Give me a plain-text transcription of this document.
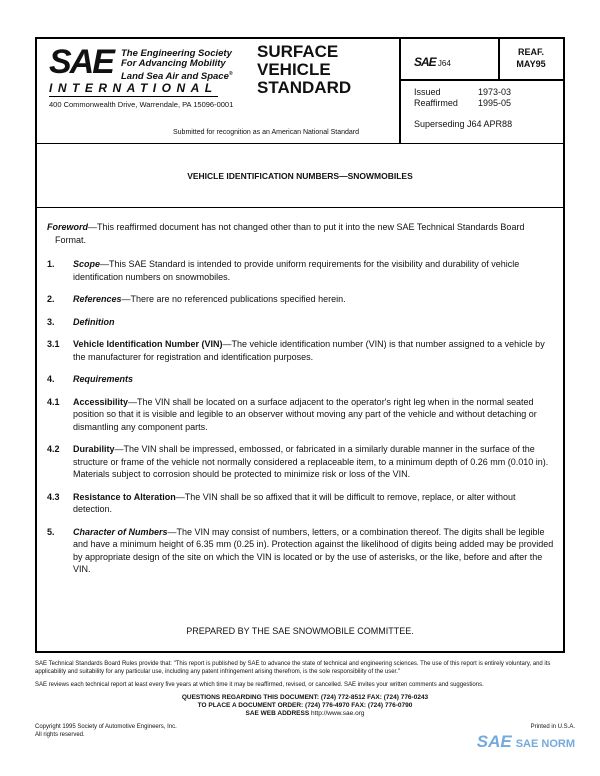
SAE The Engineering Society
For Advancing Mobility
Land Sea Air and Space®
INTERNATIONAL
400 Commonwealth Drive, Warrendale, PA 15096-0001
SURFACE
VEHICLE
STANDARD
Submitted for recognition as an American National Standard
SAE J64
REAF.
MAY95
Issued	1973-03
Reaffirmed 1995-05
Superseding J64 APR88
VEHICLE IDENTIFICATION NUMBERS—SNOWMOBILES
Foreword—This reaffirmed document has not changed other than to put it into the new SAE Technical Standards Board Format.
1. Scope—This SAE Standard is intended to provide uniform requirements for the visibility and durability of vehicle identification numbers on snowmobiles.
2. References—There are no referenced publications specified herein.
3. Definition
3.1 Vehicle Identification Number (VIN)—The vehicle identification number (VIN) is that number assigned to a vehicle by the manufacturer for registration and identification purposes.
4. Requirements
4.1 Accessibility—The VIN shall be located on a surface adjacent to the operator's right leg when in the normal seated position so that it is visible and legible to an observer without moving any part of the vehicle and without detaching or dismantling any component parts.
4.2 Durability—The VIN shall be impressed, embossed, or fabricated in a similarly durable manner in the surface of the structure or frame of the vehicle not normally considered a replaceable item, to a minimum depth of 0.26 mm (0.010 in). Materials subject to corrosion should be protected to minimize risk or loss of the VIN.
4.3 Resistance to Alteration—The VIN shall be so affixed that it will be difficult to remove, replace, or alter without detection.
5. Character of Numbers—The VIN may consist of numbers, letters, or a combination thereof. The digits shall be legible and have a minimum height of 6.35 mm (0.25 in). Protection against the likelihood of digits being added may be provided by appropriate design of the site on which the VIN is located or by the use of asterisks, or the like, before and after the VIN.
PREPARED BY THE SAE SNOWMOBILE COMMITTEE.
SAE Technical Standards Board Rules provide that: "This report is published by SAE to advance the state of technical and engineering sciences. The use of this report is entirely voluntary, and its applicability and suitability for any particular use, including any patent infringement arising therefrom, is the sole responsibility of the user."
SAE reviews each technical report at least every five years at which time it may be reaffirmed, revised, or cancelled. SAE invites your written comments and suggestions.
QUESTIONS REGARDING THIS DOCUMENT: (724) 772-8512 FAX: (724) 776-0243
TO PLACE A DOCUMENT ORDER: (724) 776-4970 FAX: (724) 776-0790
SAE WEB ADDRESS http://www.sae.org
Copyright 1995 Society of Automotive Engineers, Inc.
All rights reserved.
Printed in U.S.A.
SAE SAE NORM
